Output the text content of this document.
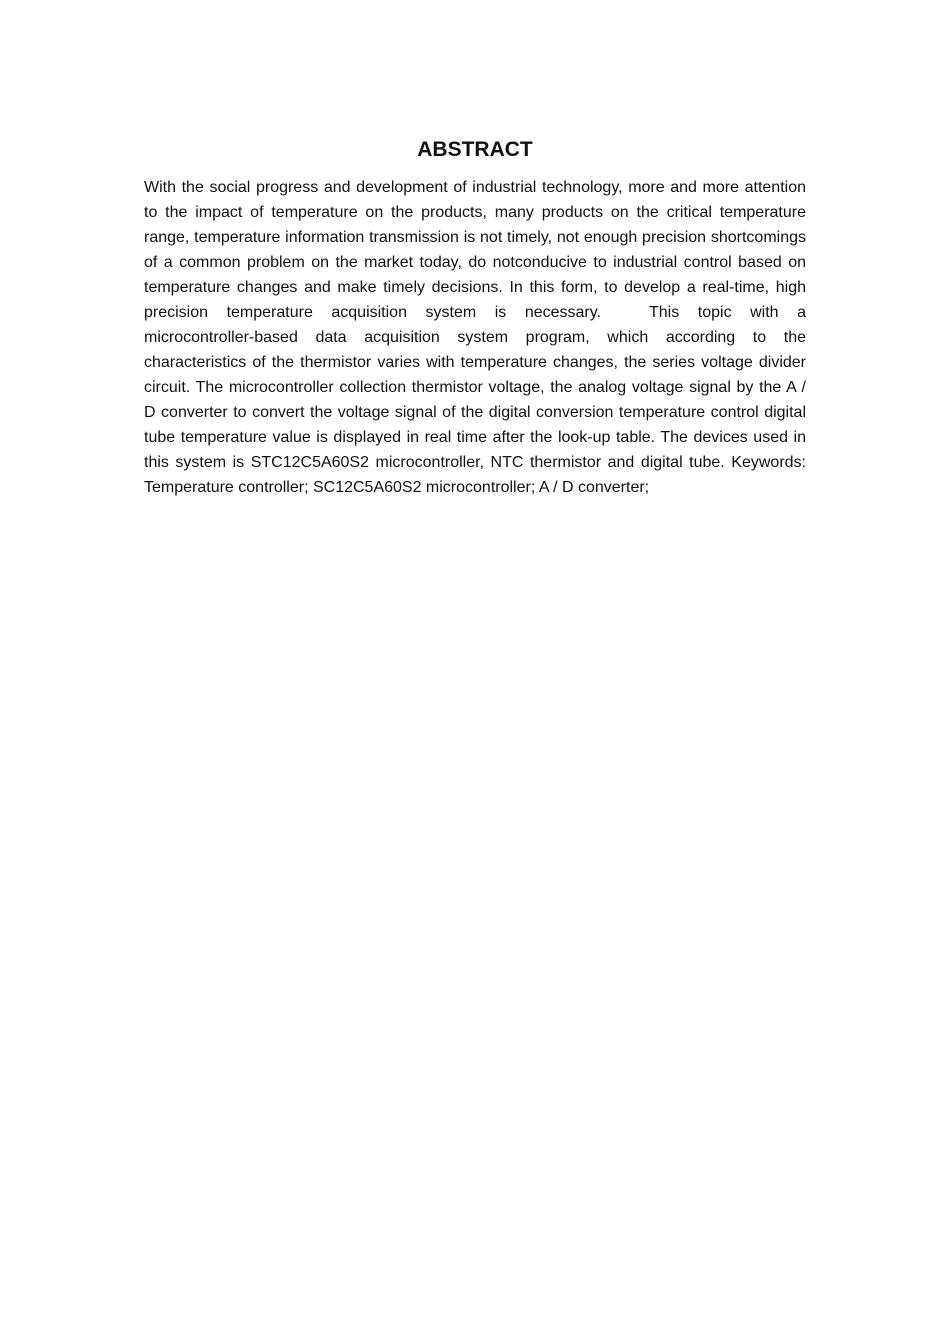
ABSTRACT

With the social progress and development of industrial technology, more and more attention to the impact of temperature on the products, many products on the critical temperature range, temperature information transmission is not timely, not enough precision shortcomings of a common problem on the market today, do notconducive to industrial control based on temperature changes and make timely decisions. In this form, to develop a real-time, high precision temperature acquisition system is necessary.	This topic with a microcontroller-based data acquisition system program, which according to the characteristics of the thermistor varies with temperature changes, the series voltage divider circuit. The microcontroller collection thermistor voltage, the analog voltage signal by the A / D converter to convert the voltage signal of the digital conversion temperature control digital tube temperature value is displayed in real time after the look-up table. The devices used in this system is STC12C5A60S2 microcontroller, NTC thermistor and digital tube. Keywords: Temperature controller; SC12C5A60S2 microcontroller; A / D converter;
